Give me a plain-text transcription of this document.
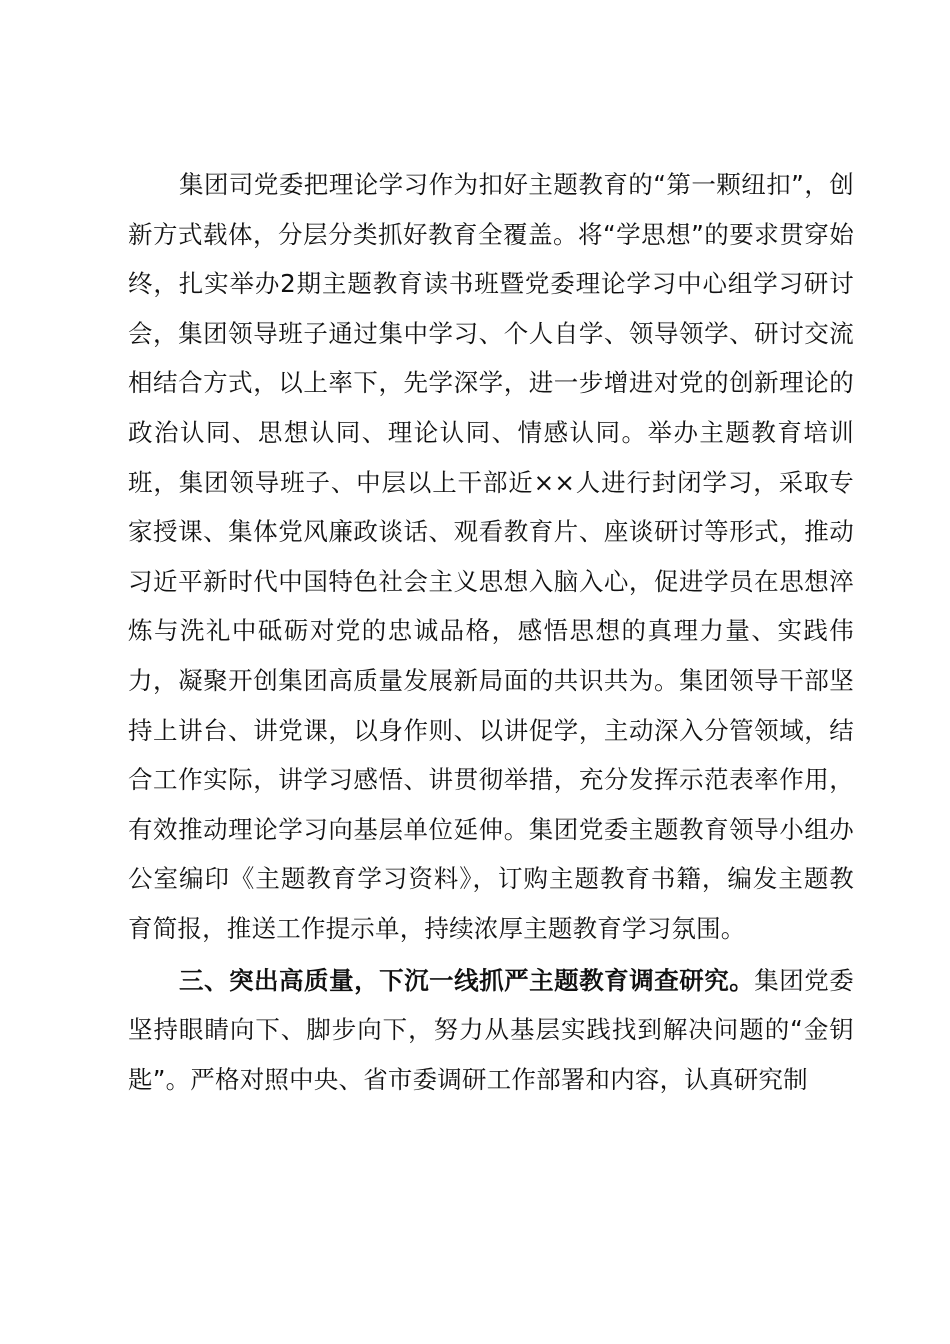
集团司党委把理论学习作为扣好主题教育的“第一颗纽扣”，创新方式载体，分层分类抓好教育全覆盖。将“学思想”的要求贯穿始终，扎实举办2期主题教育读书班暨党委理论学习中心组学习研讨会，集团领导班子通过集中学习、个人自学、领导领学、研讨交流相结合方式，以上率下，先学深学，进一步增进对党的创新理论的政治认同、思想认同、理论认同、情感认同。举办主题教育培训班，集团领导班子、中层以上干部近××人进行封闭学习，采取专家授课、集体党风廉政谈话、观看教育片、座谈研讨等形式，推动习近平新时代中国特色社会主义思想入脑入心，促进学员在思想淬炼与洗礼中砥砺对党的忠诚品格，感悟思想的真理力量、实践伟力，凝聚开创集团高质量发展新局面的共识共为。集团领导干部坚持上讲台、讲党课，以身作则、以讲促学，主动深入分管领域，结合工作实际，讲学习感悟、讲贯彻举措，充分发挥示范表率作用，有效推动理论学习向基层单位延伸。集团党委主题教育领导小组办公室编印《主题教育学习资料》，订购主题教育书籍，编发主题教育简报，推送工作提示单，持续浓厚主题教育学习氛围。

三、突出高质量，下沉一线抓严主题教育调查研究。集团党委坚持眼睛向下、脚步向下，努力从基层实践找到解决问题的“金钥匙”。严格对照中央、省市委调研工作部署和内容，认真研究制
